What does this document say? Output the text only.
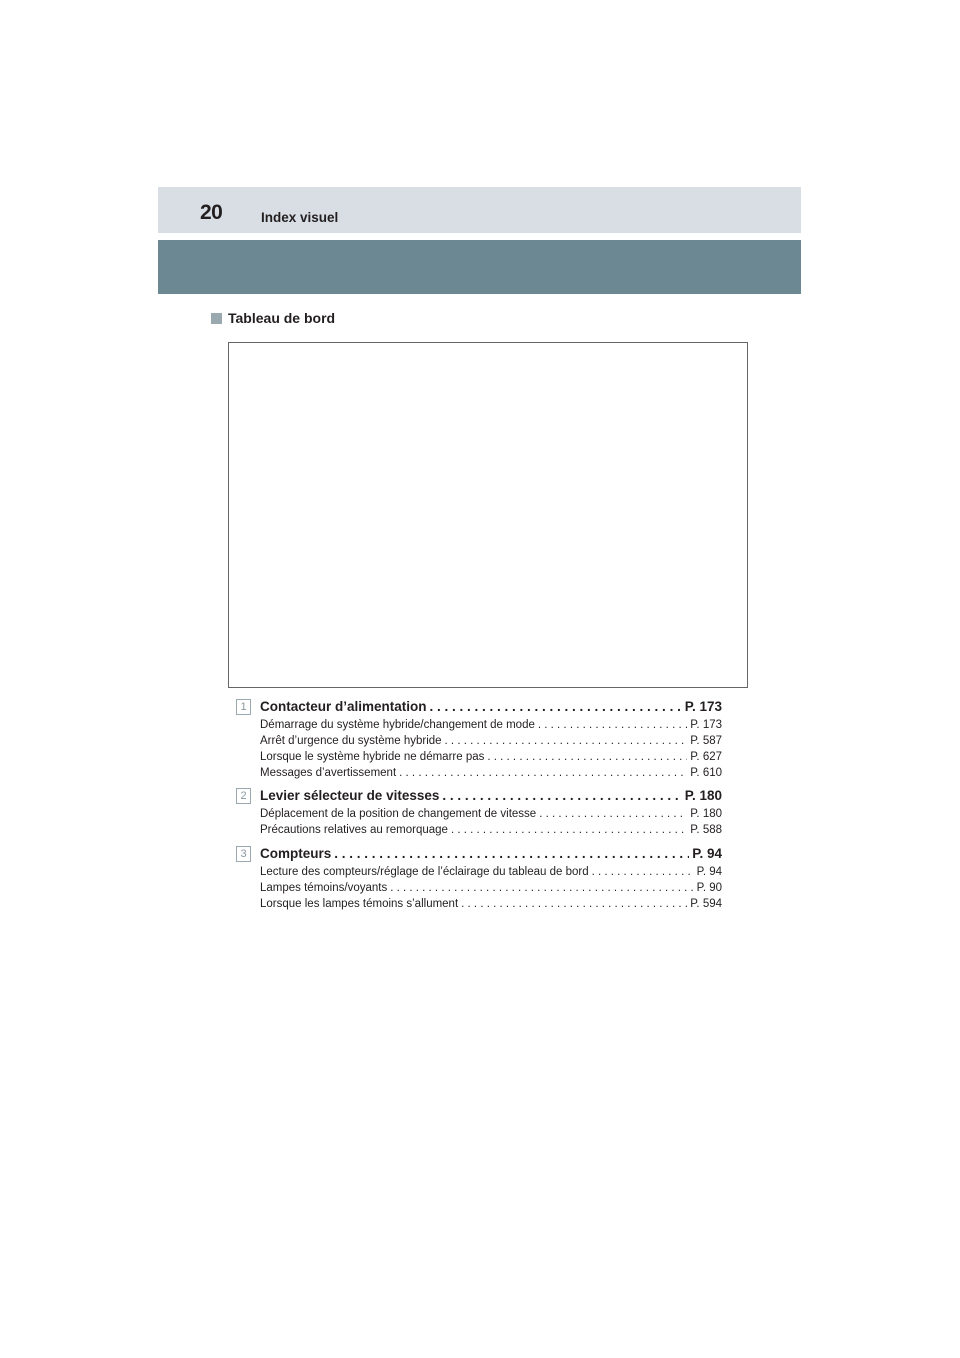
20	Index visuel
Tableau de bord
1 Contacteur d’alimentation . . .	P. 173
Démarrage du système hybride/changement de mode . . .	P. 173
Arrêt d’urgence du système hybride . . .	P. 587
Lorsque le système hybride ne démarre pas . . .	P. 627
Messages d’avertissement . . .	P. 610
2 Levier sélecteur de vitesses . . .	P. 180
Déplacement de la position de changement de vitesse . . .	P. 180
Précautions relatives au remorquage . . .	P. 588
3 Compteurs . . .	P. 94
Lecture des compteurs/réglage de l’éclairage du tableau de bord . . .	P. 94
Lampes témoins/voyants . . .	P. 90
Lorsque les lampes témoins s’allument . . .	P. 594
